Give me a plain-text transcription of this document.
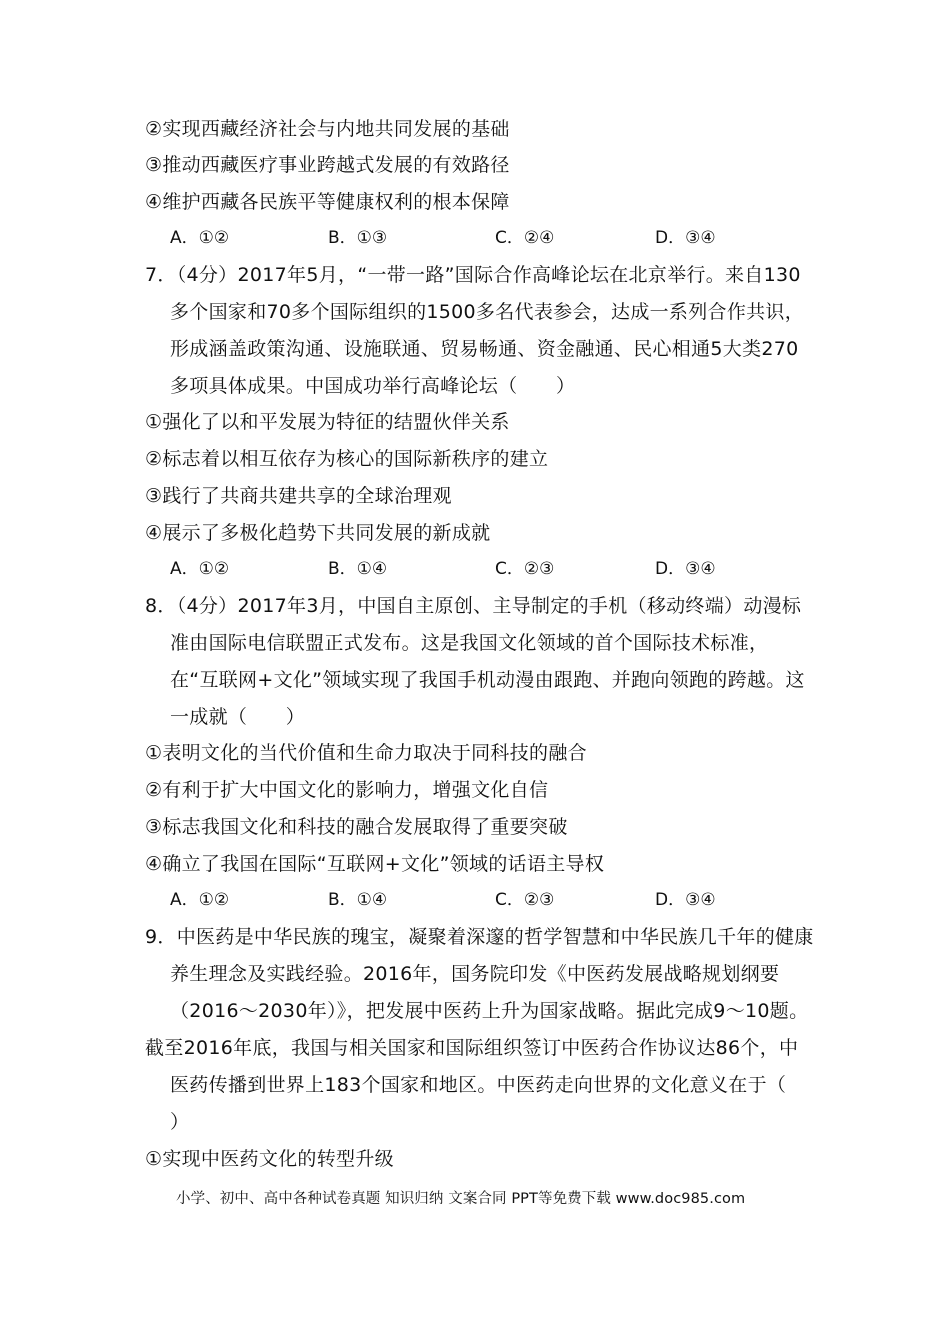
②实现西藏经济社会与内地共同发展的基础
③推动西藏医疗事业跨越式发展的有效路径
④维护西藏各民族平等健康权利的根本保障
A．①②	B．①③	C．②④	D．③④
7．（4分）2017年5月，“一带一路”国际合作高峰论坛在北京举行。来自130
多个国家和70多个国际组织的1500多名代表参会，达成一系列合作共识，
形成涵盖政策沟通、设施联通、贸易畅通、资金融通、民心相通5大类270
多项具体成果。中国成功举行高峰论坛（　　）
①强化了以和平发展为特征的结盟伙伴关系
②标志着以相互依存为核心的国际新秩序的建立
③践行了共商共建共享的全球治理观
④展示了多极化趋势下共同发展的新成就
A．①②	B．①④	C．②③	D．③④
8．（4分）2017年3月，中国自主原创、主导制定的手机（移动终端）动漫标
准由国际电信联盟正式发布。这是我国文化领域的首个国际技术标准，
在“互联网+文化”领域实现了我国手机动漫由跟跑、并跑向领跑的跨越。这
一成就（　　）
①表明文化的当代价值和生命力取决于同科技的融合
②有利于扩大中国文化的影响力，增强文化自信
③标志我国文化和科技的融合发展取得了重要突破
④确立了我国在国际“互联网+文化”领域的话语主导权
A．①②	B．①④	C．②③	D．③④
9．中医药是中华民族的瑰宝，凝聚着深邃的哲学智慧和中华民族几千年的健康
养生理念及实践经验。2016年，国务院印发《中医药发展战略规划纲要
（2016～2030年）》，把发展中医药上升为国家战略。据此完成9～10题。
截至2016年底，我国与相关国家和国际组织签订中医药合作协议达86个，中
医药传播到世界上183个国家和地区。中医药走向世界的文化意义在于（
）
①实现中医药文化的转型升级
小学、初中、高中各种试卷真题 知识归纳 文案合同 PPT等免费下载 www.doc985.com
